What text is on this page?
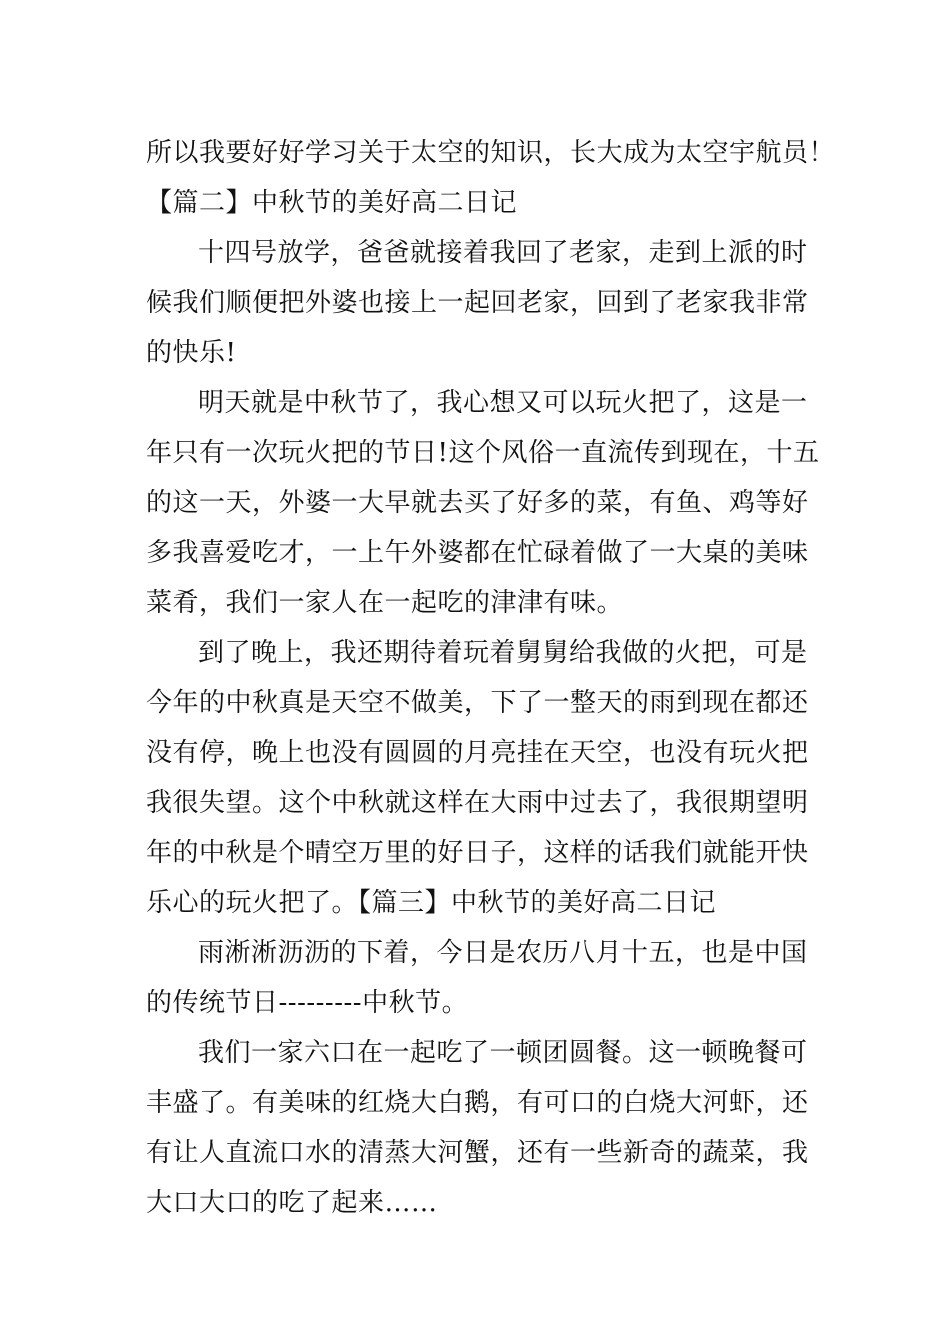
所以我要好好学习关于太空的知识，长大成为太空宇航员！
【篇二】中秋节的美好高二日记
十四号放学，爸爸就接着我回了老家，走到上派的时
候我们顺便把外婆也接上一起回老家，回到了老家我非常
的快乐!
明天就是中秋节了，我心想又可以玩火把了，这是一
年只有一次玩火把的节日!这个风俗一直流传到现在，十五
的这一天，外婆一大早就去买了好多的菜，有鱼、鸡等好
多我喜爱吃才，一上午外婆都在忙碌着做了一大桌的美味
菜肴，我们一家人在一起吃的津津有味。
到了晚上，我还期待着玩着舅舅给我做的火把，可是
今年的中秋真是天空不做美，下了一整天的雨到现在都还
没有停，晚上也没有圆圆的月亮挂在天空，也没有玩火把
我很失望。这个中秋就这样在大雨中过去了，我很期望明
年的中秋是个晴空万里的好日子，这样的话我们就能开快
乐心的玩火把了。【篇三】中秋节的美好高二日记
雨淅淅沥沥的下着，今日是农历八月十五，也是中国
的传统节日---------中秋节。
我们一家六口在一起吃了一顿团圆餐。这一顿晚餐可
丰盛了。有美味的红烧大白鹅，有可口的白烧大河虾，还
有让人直流口水的清蒸大河蟹，还有一些新奇的蔬菜，我
大口大口的吃了起来……
